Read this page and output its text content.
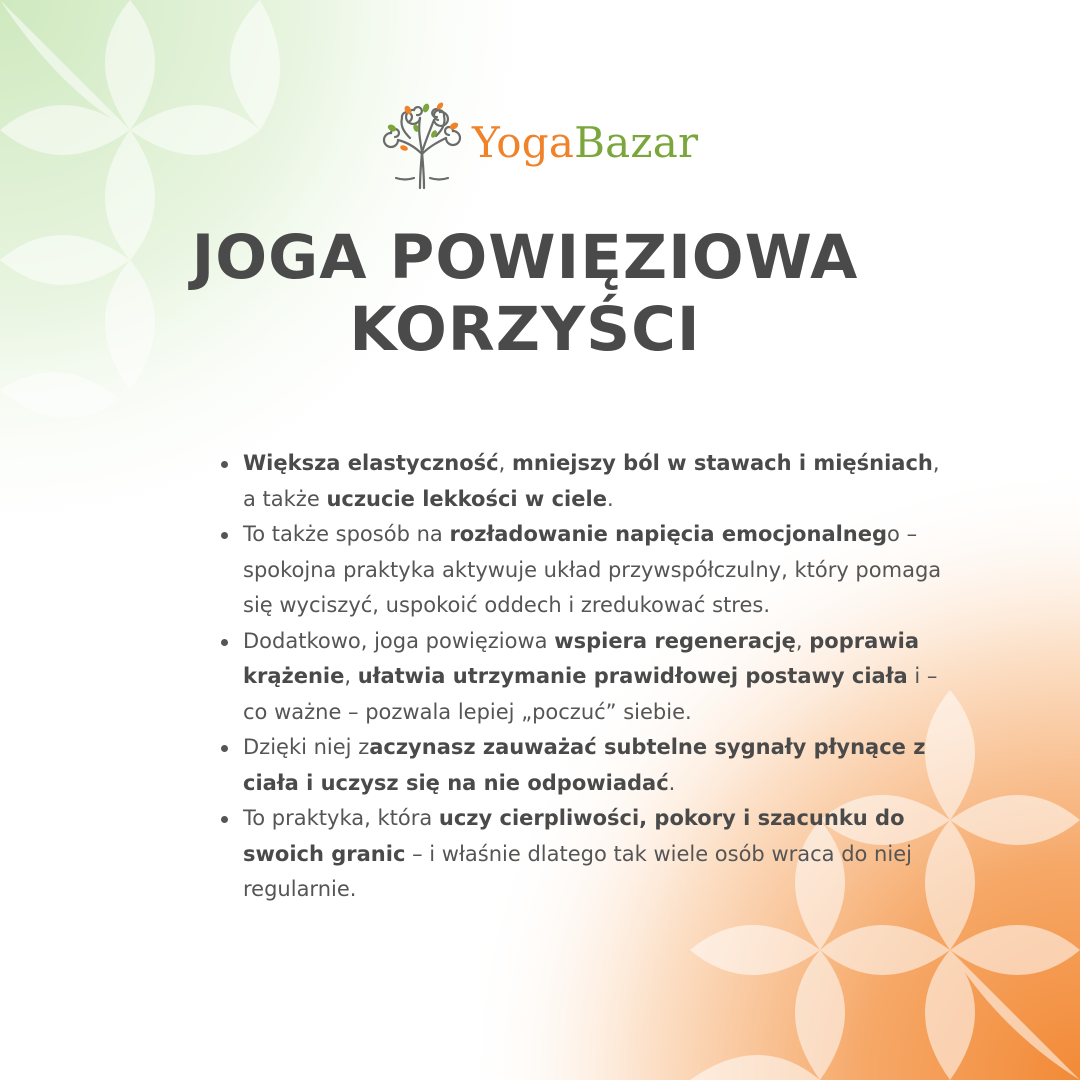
YogaBazar
JOGA POWIĘZIOWA
KORZYŚCI
Większa elastyczność, mniejszy ból w stawach i mięśniach, a także uczucie lekkości w ciele.
To także sposób na rozładowanie napięcia emocjonalnego – spokojna praktyka aktywuje układ przywspółczulny, który pomaga się wyciszyć, uspokoić oddech i zredukować stres.
Dodatkowo, joga powięziowa wspiera regenerację, poprawia krążenie, ułatwia utrzymanie prawidłowej postawy ciała i – co ważne – pozwala lepiej „poczuć” siebie.
Dzięki niej zaczynasz zauważać subtelne sygnały płynące z ciała i uczysz się na nie odpowiadać.
To praktyka, która uczy cierpliwości, pokory i szacunku do swoich granic – i właśnie dlatego tak wiele osób wraca do niej regularnie.
